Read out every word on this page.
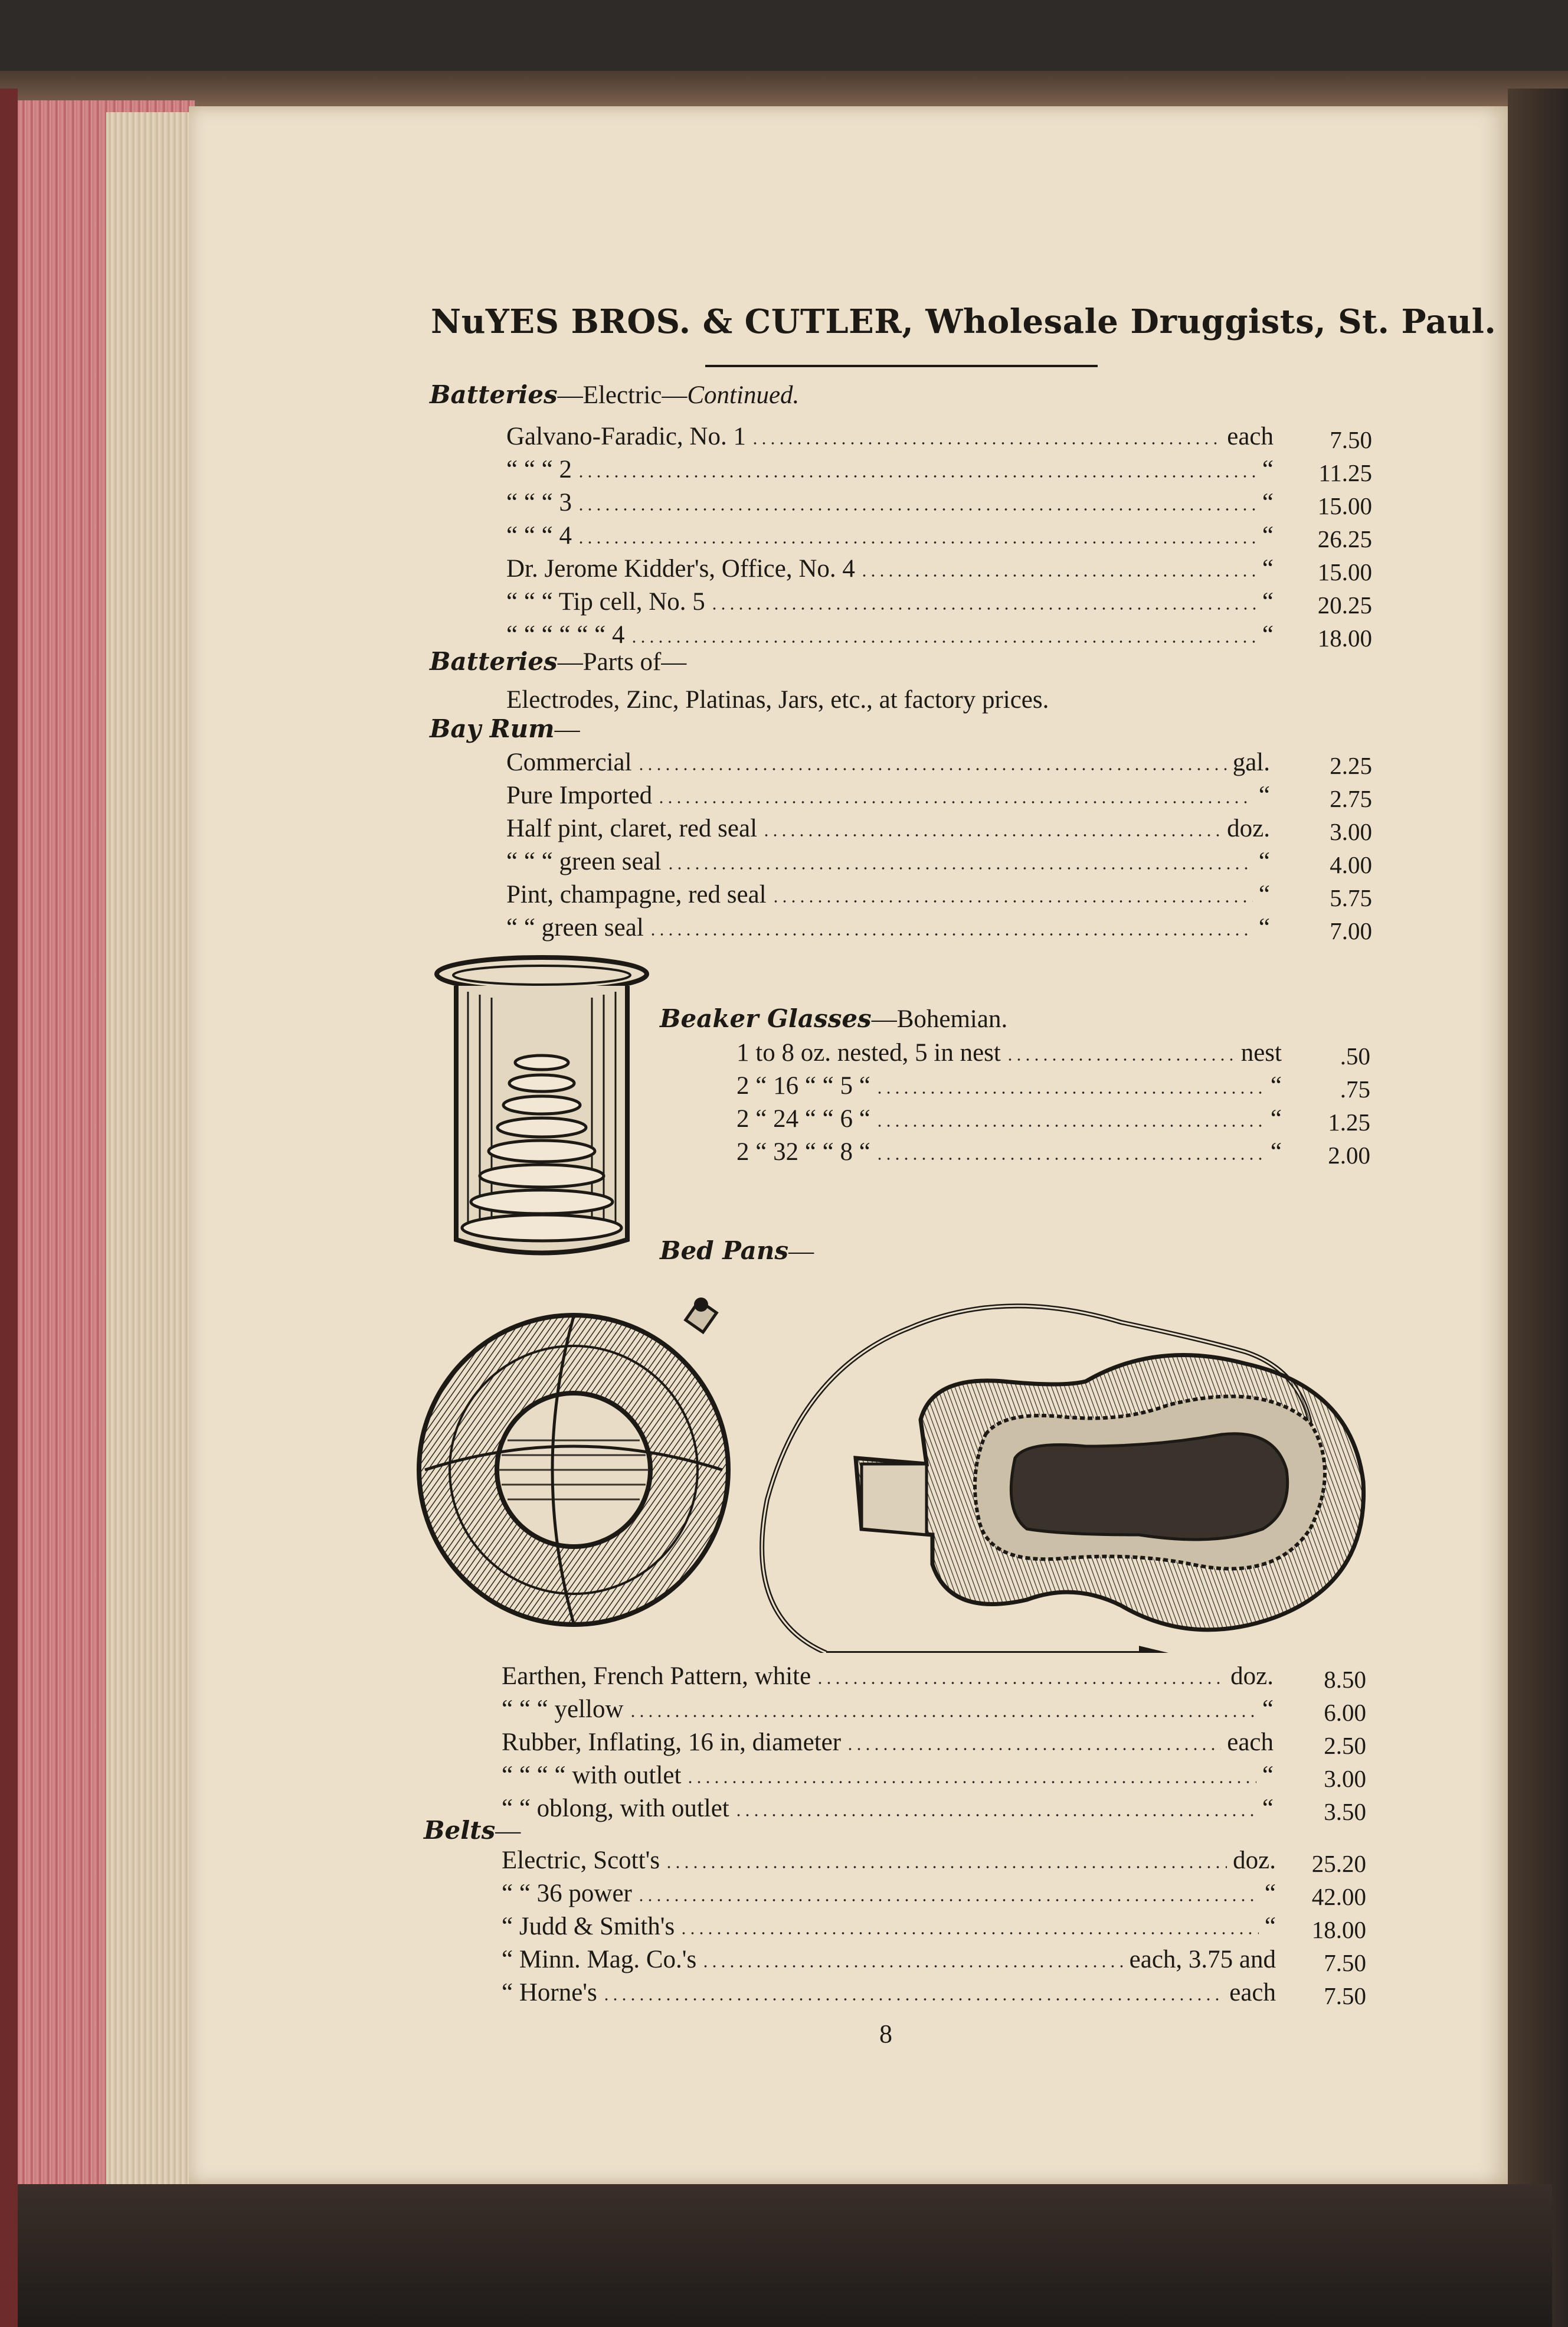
NuYES BROS. & CUTLER, Wholesale Druggists, St. Paul.
Batteries—Electric—Continued.
Galvano-Faradic, No. 1	each	7.50
“ “ “ 2	“	11.25
“ “ “ 3	“	15.00
“ “ “ 4	“	26.25
Dr. Jerome Kidder's, Office, No. 4	“	15.00
“ “ “ Tip cell, No. 5	“	20.25
“ “ “ “ “ “ 4	“	18.00
Batteries—Parts of—
Electrodes, Zinc, Platinas, Jars, etc., at factory prices.
Bay Rum—
Commercial	gal.	2.25
Pure Imported	“	2.75
Half pint, claret, red seal	doz.	3.00
“ “ “ green seal	“	4.00
Pint, champagne, red seal	“	5.75
“ “ green seal	“	7.00
Beaker Glasses—Bohemian.
1 to 8 oz. nested, 5 in nest	nest	.50
2 “ 16 “ “ 5 “	“	.75
2 “ 24 “ “ 6 “	“	1.25
2 “ 32 “ “ 8 “	“	2.00
Bed Pans—
Earthen, French Pattern, white	doz.	8.50
“ “ “ yellow	“	6.00
Rubber, Inflating, 16 in, diameter	each	2.50
“ “ “ “ with outlet	“	3.00
“ “ oblong, with outlet	“	3.50
Belts—
Electric, Scott's	doz.	25.20
“ “ 36 power	“	42.00
“ Judd & Smith's	“	18.00
“ Minn. Mag. Co.'s	each, 3.75 and	7.50
“ Horne's	each	7.50
8
